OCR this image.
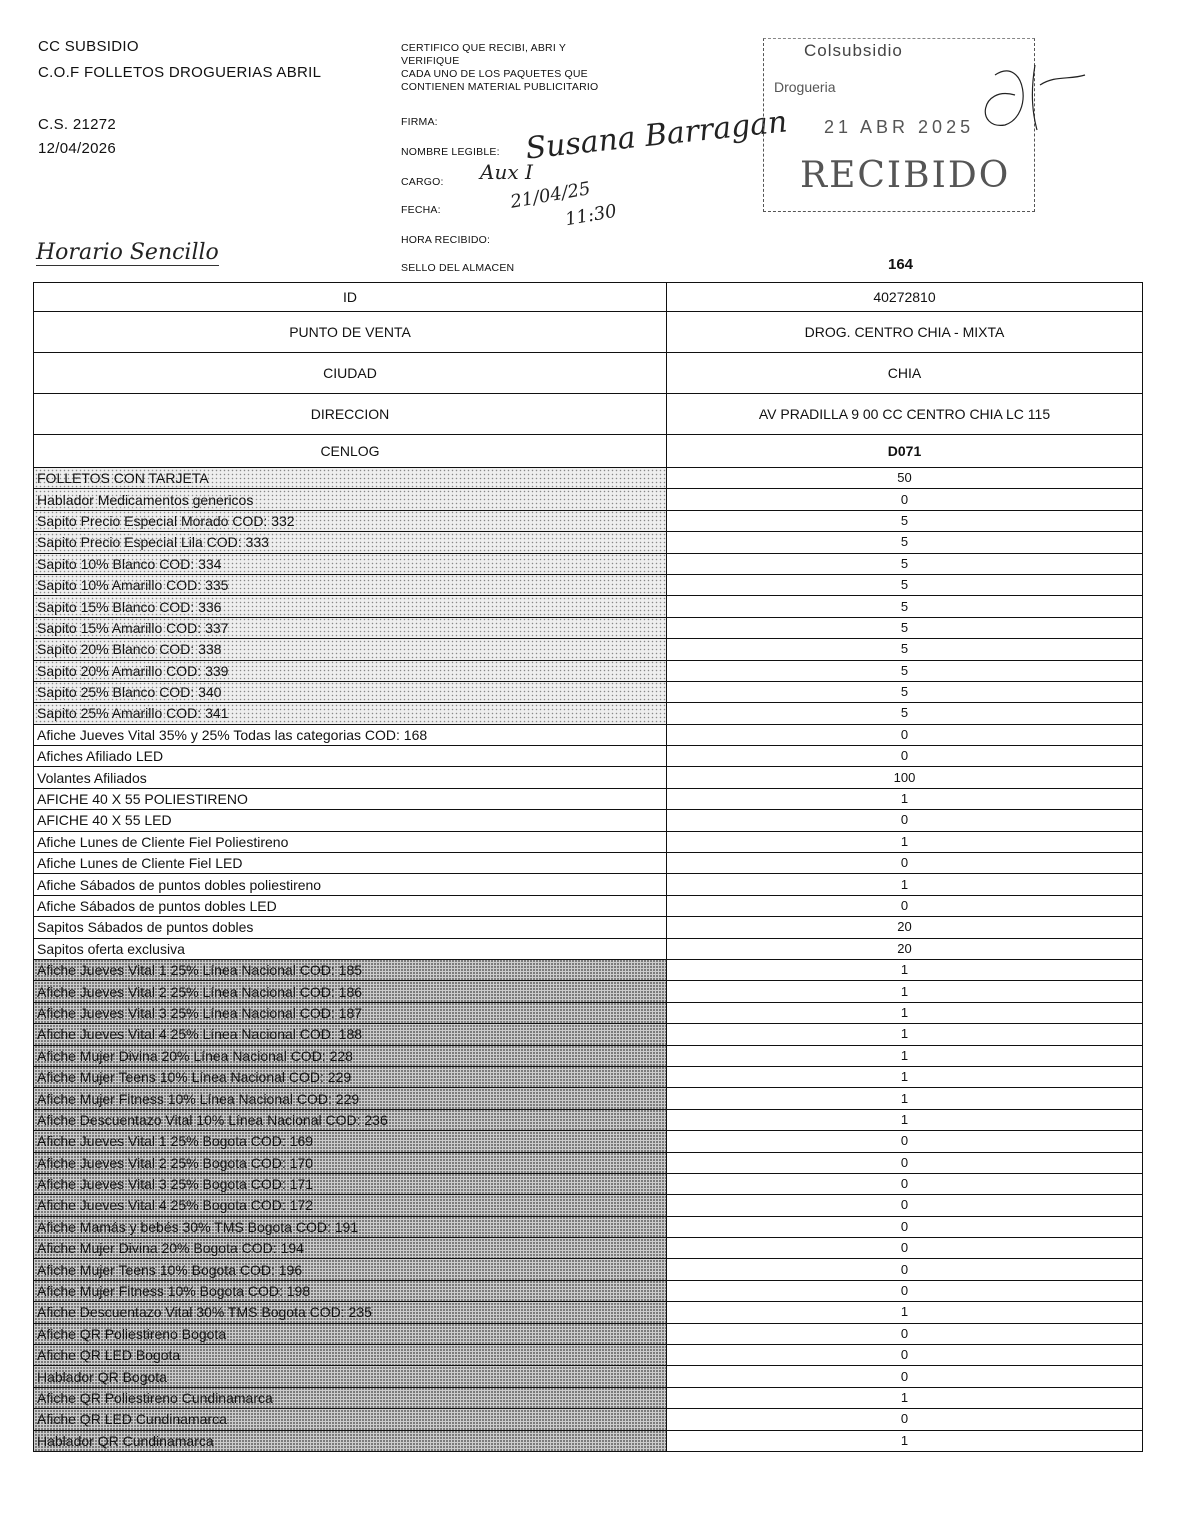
CC SUBSIDIO
C.O.F FOLLETOS DROGUERIAS ABRIL
C.S. 21272
12/04/2026
CERTIFICO QUE RECIBI, ABRI Y
VERIFIQUE
CADA UNO DE LOS PAQUETES QUE
CONTIENEN MATERIAL PUBLICITARIO
FIRMA:
NOMBRE LEGIBLE:
CARGO:
FECHA:
HORA RECIBIDO:
SELLO DEL ALMACEN
Susana Barragan
Aux I
21/04/25
11:30
Horario Sencillo
Colsubsidio
Drogueria
21 ABR 2025
RECIBIDO
164
ID	40272810
PUNTO DE VENTA	DROG. CENTRO CHIA - MIXTA
CIUDAD	CHIA
DIRECCION	AV PRADILLA 9 00 CC CENTRO CHIA LC 115
CENLOG	D071
FOLLETOS CON TARJETA	50
Hablador Medicamentos genericos	0
Sapito Precio Especial Morado COD: 332	5
Sapito Precio Especial Lila COD: 333	5
Sapito 10% Blanco COD: 334	5
Sapito 10% Amarillo COD: 335	5
Sapito 15% Blanco COD: 336	5
Sapito 15% Amarillo COD: 337	5
Sapito 20% Blanco COD: 338	5
Sapito 20% Amarillo COD: 339	5
Sapito 25% Blanco COD: 340	5
Sapito 25% Amarillo COD: 341	5
Afiche Jueves Vital 35% y 25% Todas las categorias COD: 168	0
Afiches Afiliado LED	0
Volantes Afiliados	100
AFICHE 40 X 55 POLIESTIRENO	1
AFICHE 40 X 55 LED	0
Afiche Lunes de Cliente Fiel Poliestireno	1
Afiche Lunes de Cliente Fiel LED	0
Afiche Sábados de puntos dobles poliestireno	1
Afiche Sábados de puntos dobles LED	0
Sapitos Sábados de puntos dobles	20
Sapitos oferta exclusiva	20
Afiche Jueves Vital 1 25% Línea Nacional COD: 185	1
Afiche Jueves Vital 2 25% Línea Nacional COD: 186	1
Afiche Jueves Vital 3 25% Línea Nacional COD: 187	1
Afiche Jueves Vital 4 25% Línea Nacional COD: 188	1
Afiche Mujer Divina 20% Línea Nacional COD: 228	1
Afiche Mujer Teens 10% Línea Nacional COD: 229	1
Afiche Mujer Fitness 10% Línea Nacional COD: 229	1
Afiche Descuentazo Vital 10% Línea Nacional COD: 236	1
Afiche Jueves Vital 1 25% Bogota COD: 169	0
Afiche Jueves Vital 2 25% Bogota COD: 170	0
Afiche Jueves Vital 3 25% Bogota COD: 171	0
Afiche Jueves Vital 4 25% Bogota COD: 172	0
Afiche Mamás y bebés 30% TMS Bogota COD: 191	0
Afiche Mujer Divina 20% Bogota COD: 194	0
Afiche Mujer Teens 10% Bogota COD: 196	0
Afiche Mujer Fitness 10% Bogota COD: 198	0
Afiche Descuentazo Vital 30% TMS Bogota COD: 235	1
Afiche QR Poliestireno Bogota	0
Afiche QR LED Bogota	0
Hablador QR Bogota	0
Afiche QR Poliestireno Cundinamarca	1
Afiche QR LED Cundinamarca	0
Hablador QR Cundinamarca	1
